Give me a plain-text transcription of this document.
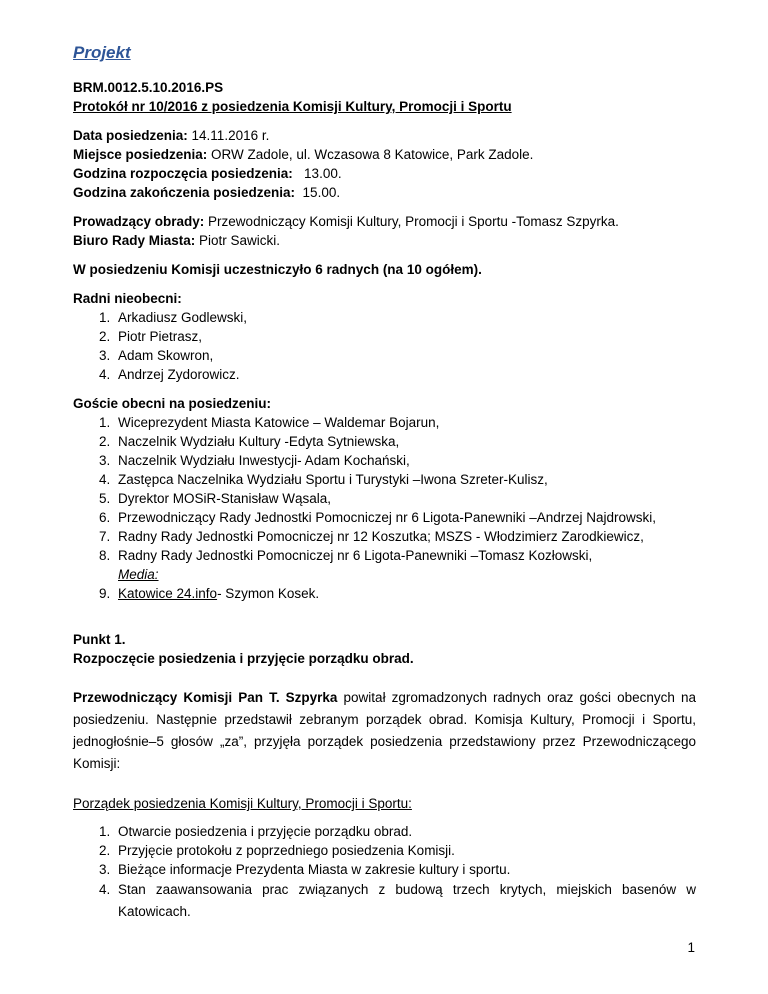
Projekt

BRM.0012.5.10.2016.PS

Protokół nr 10/2016 z posiedzenia Komisji Kultury, Promocji i Sportu

Data posiedzenia: 14.11.2016 r.

Miejsce posiedzenia: ORW Zadole, ul. Wczasowa 8 Katowice, Park Zadole.

Godzina rozpoczęcia posiedzenia:   13.00.

Godzina zakończenia posiedzenia:  15.00.

Prowadzący obrady: Przewodniczący Komisji Kultury, Promocji i Sportu -Tomasz Szpyrka.

Biuro Rady Miasta: Piotr Sawicki.

W posiedzeniu Komisji uczestniczyło 6 radnych (na 10 ogółem).

Radni nieobecni:

1. Arkadiusz Godlewski,
2. Piotr Pietrasz,
3. Adam Skowron,
4. Andrzej Zydorowicz.

Goście obecni na posiedzeniu:

1. Wiceprezydent Miasta Katowice – Waldemar Bojarun,
2. Naczelnik Wydziału Kultury -Edyta Sytniewska,
3. Naczelnik Wydziału Inwestycji- Adam Kochański,
4. Zastępca Naczelnika Wydziału Sportu i Turystyki –Iwona Szreter-Kulisz,
5. Dyrektor MOSiR-Stanisław Wąsala,
6. Przewodniczący Rady Jednostki Pomocniczej nr 6 Ligota-Panewniki –Andrzej Najdrowski,
7. Radny Rady Jednostki Pomocniczej nr 12 Koszutka; MSZS - Włodzimierz Zarodkiewicz,
8. Radny Rady Jednostki Pomocniczej nr 6 Ligota-Panewniki –Tomasz Kozłowski,
Media:
9. Katowice 24.info- Szymon Kosek.

Punkt 1.

Rozpoczęcie posiedzenia i przyjęcie porządku obrad.

Przewodniczący Komisji Pan T. Szpyrka powitał zgromadzonych radnych oraz gości obecnych na posiedzeniu. Następnie przedstawił zebranym porządek obrad. Komisja Kultury, Promocji i Sportu, jednogłośnie–5 głosów „za”, przyjęła porządek posiedzenia przedstawiony przez Przewodniczącego Komisji:

Porządek posiedzenia Komisji Kultury, Promocji i Sportu:

1. Otwarcie posiedzenia i przyjęcie porządku obrad.
2. Przyjęcie protokołu z poprzedniego posiedzenia Komisji.
3. Bieżące informacje Prezydenta Miasta w zakresie kultury i sportu.
4. Stan zaawansowania prac związanych z budową trzech krytych, miejskich basenów w Katowicach.
1
